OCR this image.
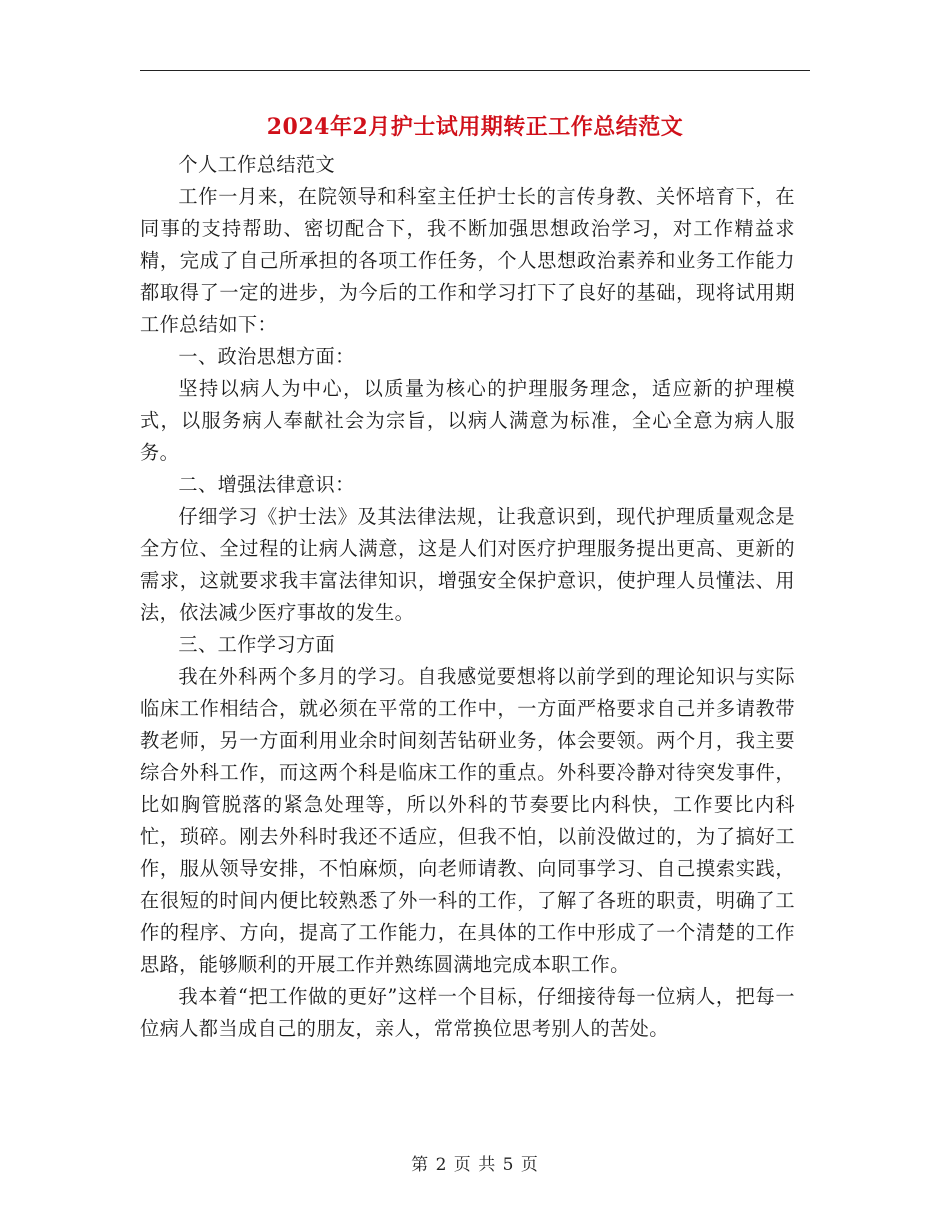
2024年2月护士试用期转正工作总结范文

个人工作总结范文

工作一月来，在院领导和科室主任护士长的言传身教、关怀培育下，在同事的支持帮助、密切配合下，我不断加强思想政治学习，对工作精益求精，完成了自己所承担的各项工作任务，个人思想政治素养和业务工作能力都取得了一定的进步，为今后的工作和学习打下了良好的基础，现将试用期工作总结如下：

一、政治思想方面：

坚持以病人为中心，以质量为核心的护理服务理念，适应新的护理模式，以服务病人奉献社会为宗旨，以病人满意为标准，全心全意为病人服务。

二、增强法律意识：

仔细学习《护士法》及其法律法规，让我意识到，现代护理质量观念是全方位、全过程的让病人满意，这是人们对医疗护理服务提出更高、更新的需求，这就要求我丰富法律知识，增强安全保护意识，使护理人员懂法、用法，依法减少医疗事故的发生。

三、工作学习方面

我在外科两个多月的学习。自我感觉要想将以前学到的理论知识与实际临床工作相结合，就必须在平常的工作中，一方面严格要求自己并多请教带教老师，另一方面利用业余时间刻苦钻研业务，体会要领。两个月，我主要综合外科工作，而这两个科是临床工作的重点。外科要冷静对待突发事件，比如胸管脱落的紧急处理等，所以外科的节奏要比内科快，工作要比内科忙，琐碎。刚去外科时我还不适应，但我不怕，以前没做过的，为了搞好工作，服从领导安排，不怕麻烦，向老师请教、向同事学习、自己摸索实践，在很短的时间内便比较熟悉了外一科的工作，了解了各班的职责，明确了工作的程序、方向，提高了工作能力，在具体的工作中形成了一个清楚的工作思路，能够顺利的开展工作并熟练圆满地完成本职工作。

我本着“把工作做的更好”这样一个目标，仔细接待每一位病人，把每一位病人都当成自己的朋友，亲人，常常换位思考别人的苦处。

第 2 页 共 5 页
